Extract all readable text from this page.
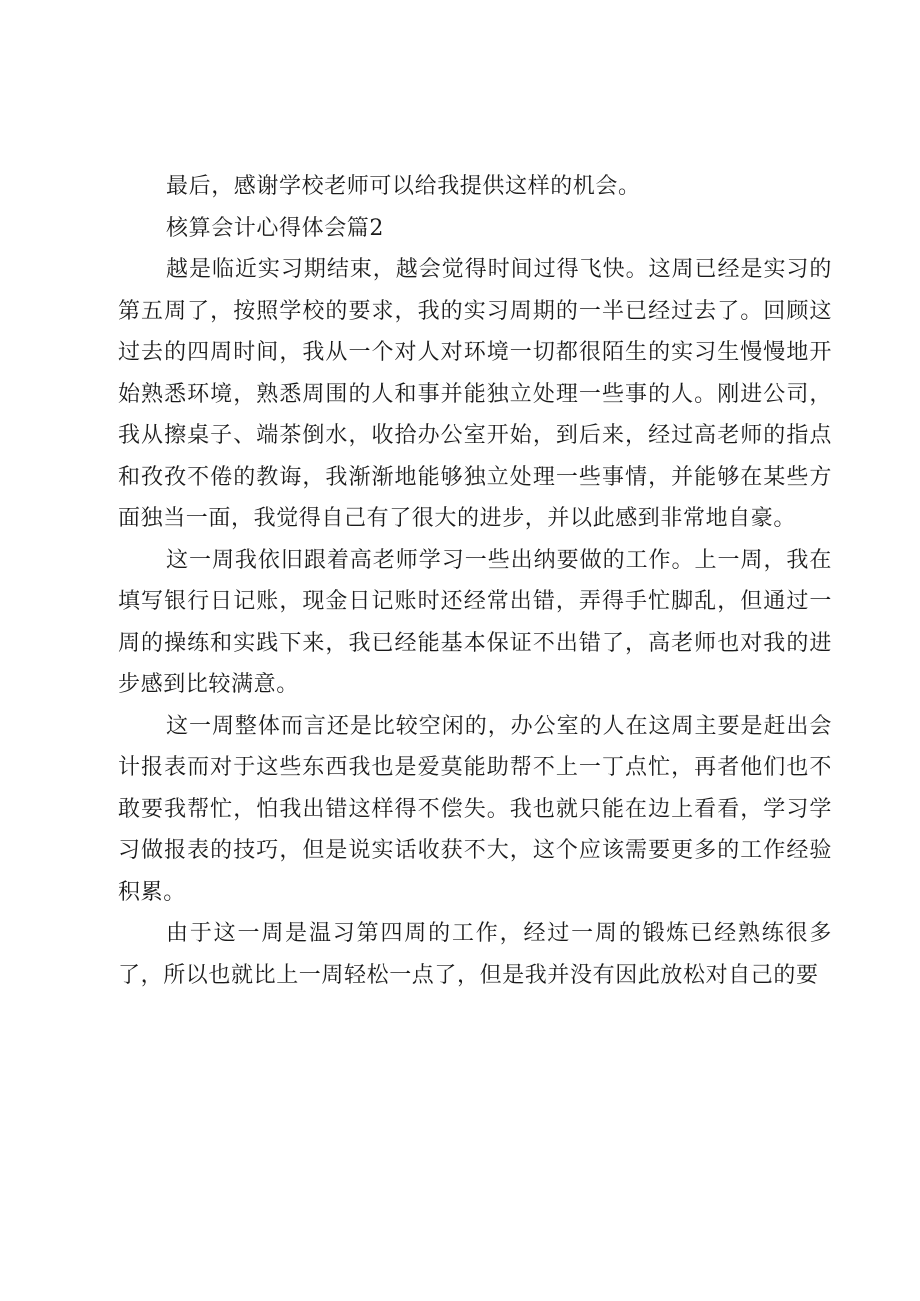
最后，感谢学校老师可以给我提供这样的机会。

核算会计心得体会篇2

越是临近实习期结束，越会觉得时间过得飞快。这周已经是实习的第五周了，按照学校的要求，我的实习周期的一半已经过去了。回顾这过去的四周时间，我从一个对人对环境一切都很陌生的实习生慢慢地开始熟悉环境，熟悉周围的人和事并能独立处理一些事的人。刚进公司，我从擦桌子、端茶倒水，收拾办公室开始，到后来，经过高老师的指点和孜孜不倦的教诲，我渐渐地能够独立处理一些事情，并能够在某些方面独当一面，我觉得自己有了很大的进步，并以此感到非常地自豪。

这一周我依旧跟着高老师学习一些出纳要做的工作。上一周，我在填写银行日记账，现金日记账时还经常出错，弄得手忙脚乱，但通过一周的操练和实践下来，我已经能基本保证不出错了，高老师也对我的进步感到比较满意。

这一周整体而言还是比较空闲的，办公室的人在这周主要是赶出会计报表而对于这些东西我也是爱莫能助帮不上一丁点忙，再者他们也不敢要我帮忙，怕我出错这样得不偿失。我也就只能在边上看看，学习学习做报表的技巧，但是说实话收获不大，这个应该需要更多的工作经验积累。

由于这一周是温习第四周的工作，经过一周的锻炼已经熟练很多了，所以也就比上一周轻松一点了，但是我并没有因此放松对自己的要
